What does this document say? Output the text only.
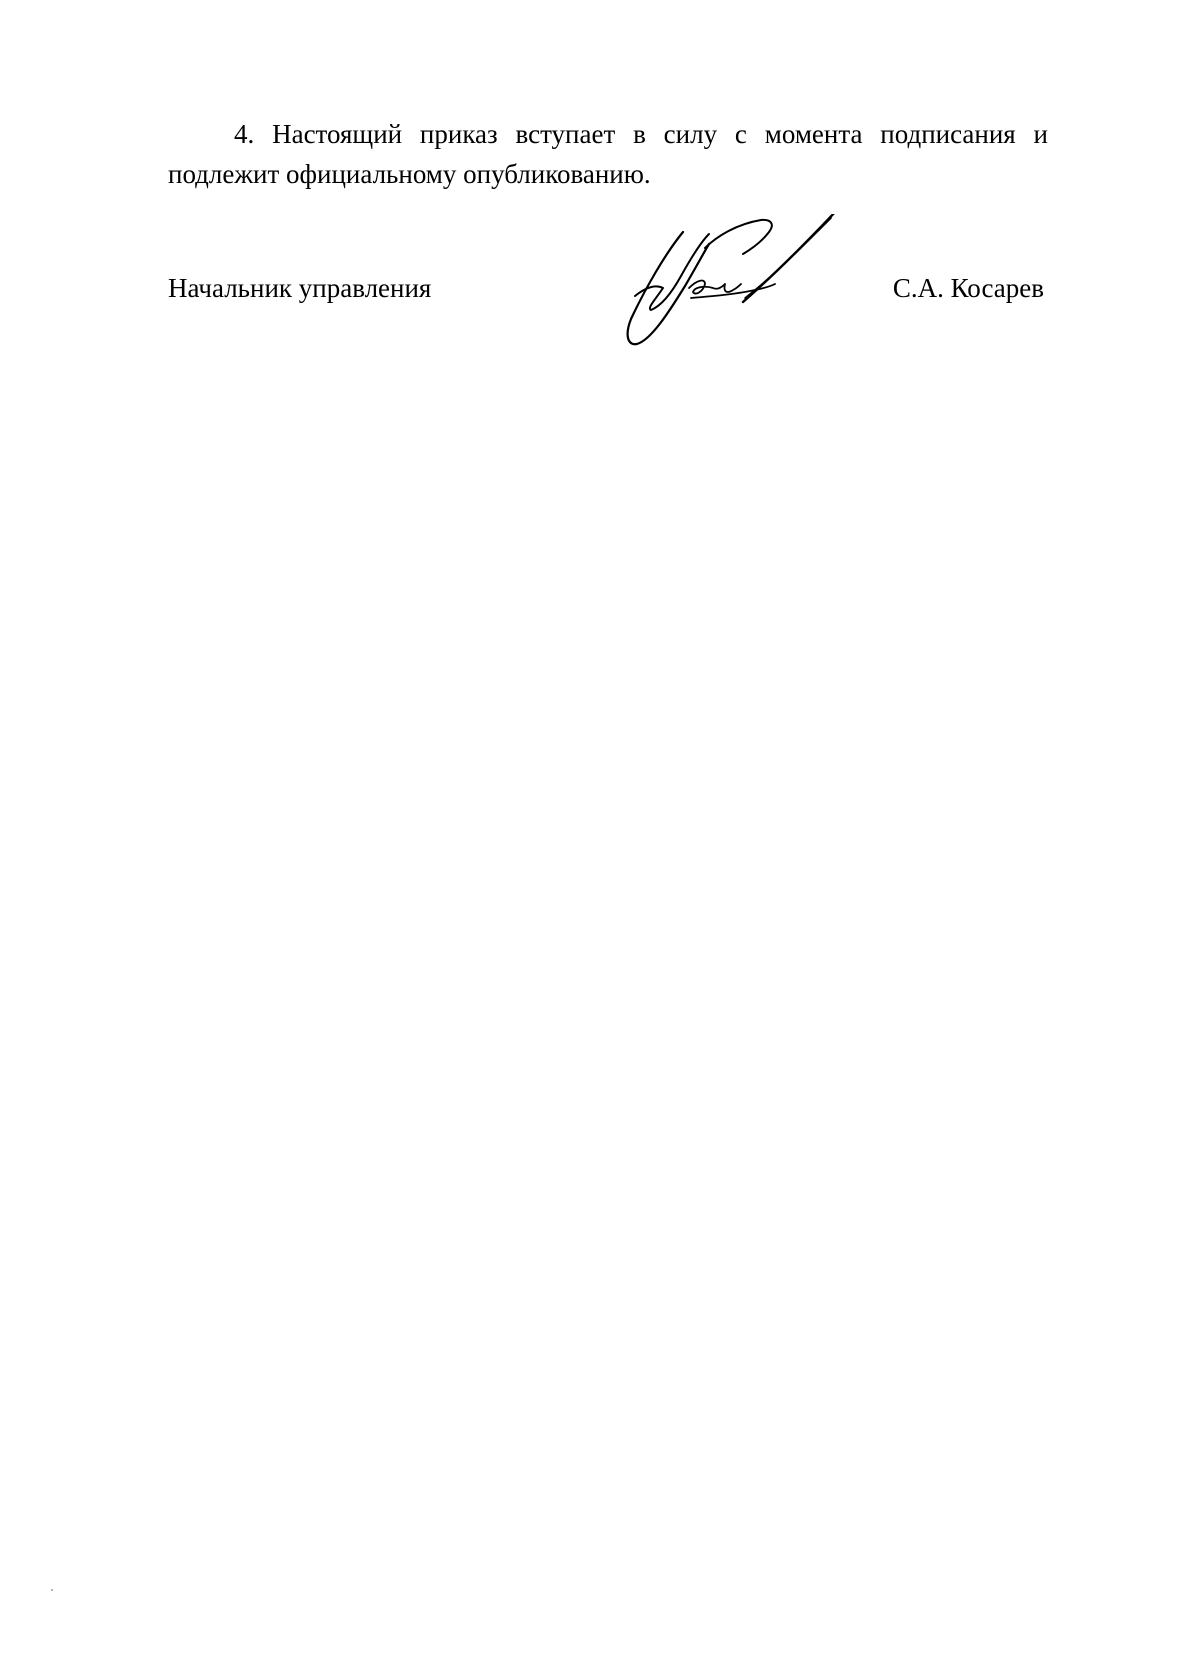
4. Настоящий приказ вступает в силу с момента подписания и подлежит официальному опубликованию.

Начальник управления	С.А. Косарев
